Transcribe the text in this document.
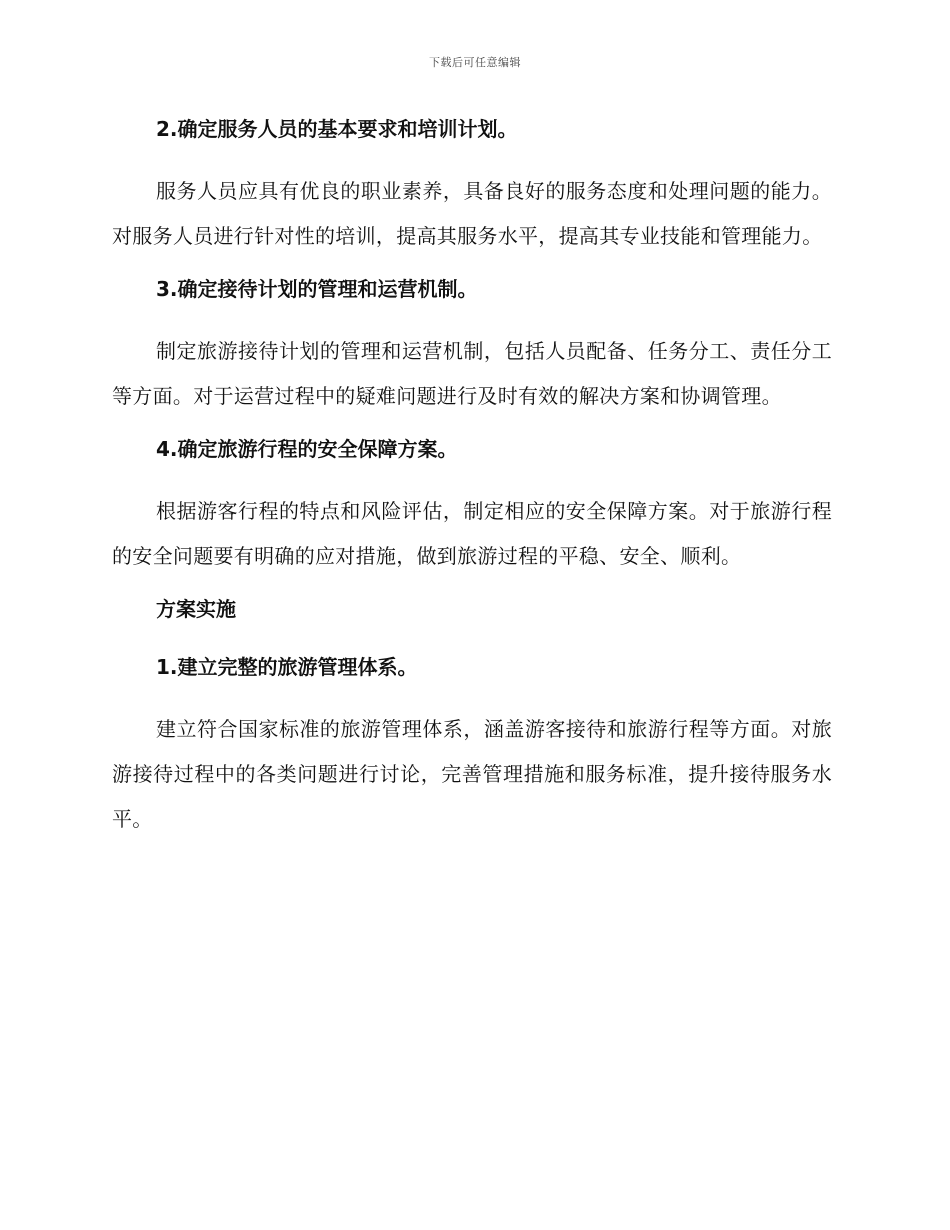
下载后可任意编辑
2.确定服务人员的基本要求和培训计划。
服务人员应具有优良的职业素养，具备良好的服务态度和处理问题的能力。对服务人员进行针对性的培训，提高其服务水平，提高其专业技能和管理能力。
3.确定接待计划的管理和运营机制。
制定旅游接待计划的管理和运营机制，包括人员配备、任务分工、责任分工等方面。对于运营过程中的疑难问题进行及时有效的解决方案和协调管理。
4.确定旅游行程的安全保障方案。
根据游客行程的特点和风险评估，制定相应的安全保障方案。对于旅游行程的安全问题要有明确的应对措施，做到旅游过程的平稳、安全、顺利。
方案实施
1.建立完整的旅游管理体系。
建立符合国家标准的旅游管理体系，涵盖游客接待和旅游行程等方面。对旅游接待过程中的各类问题进行讨论，完善管理措施和服务标准，提升接待服务水平。
